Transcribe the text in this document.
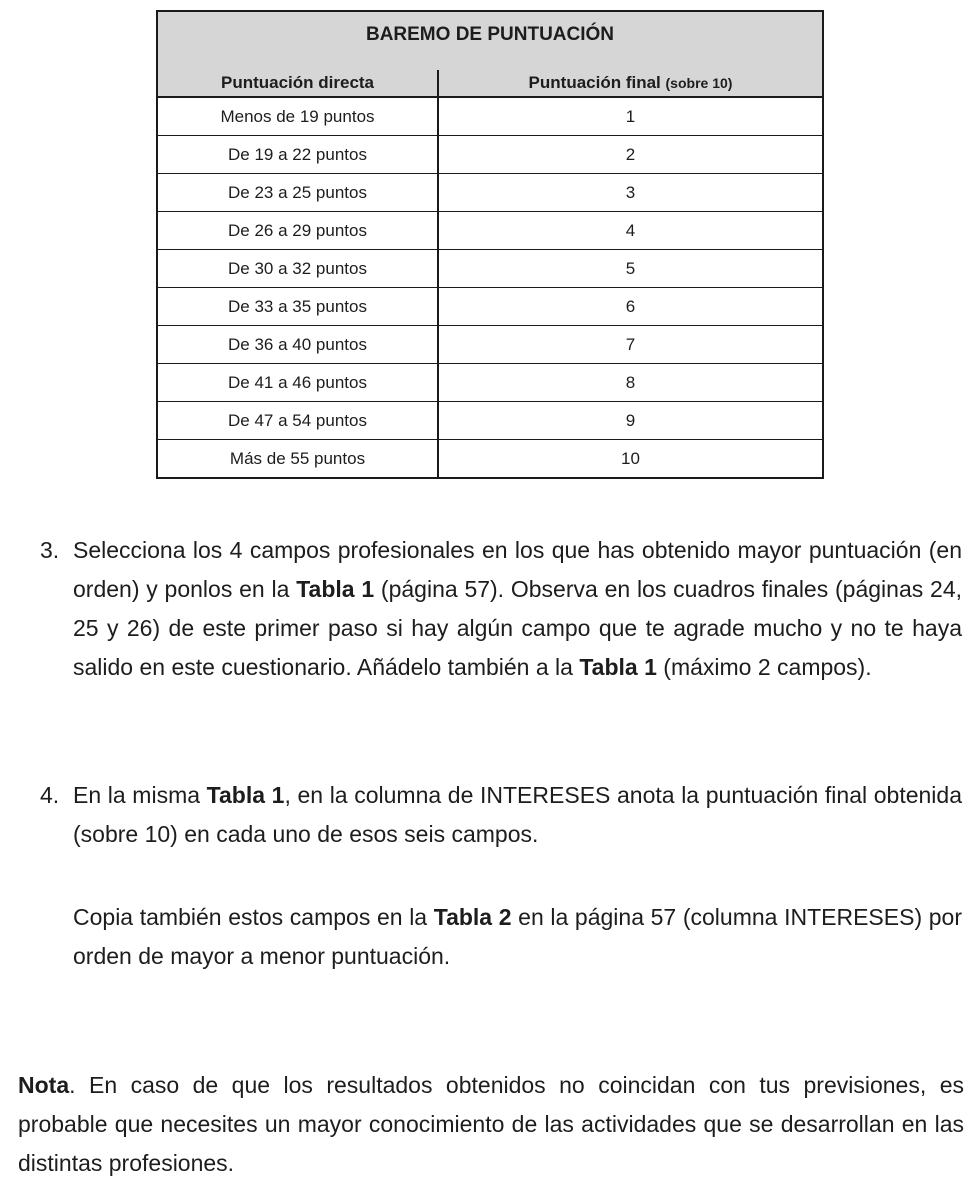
BAREMO DE PUNTUACIÓN	
Puntuación directa	Puntuación final (sobre 10)
Menos de 19 puntos	1
De 19 a 22 puntos	2
De 23 a 25 puntos	3
De 26 a 29 puntos	4
De 30 a 32 puntos	5
De 33 a 35 puntos	6
De 36 a 40 puntos	7
De 41 a 46 puntos	8
De 47 a 54 puntos	9
Más de 55 puntos	10
3. Selecciona los 4 campos profesionales en los que has obtenido mayor puntuación (en orden) y ponlos en la Tabla 1 (página 57). Observa en los cuadros finales (páginas 24, 25 y 26) de este primer paso si hay algún campo que te agrade mucho y no te haya salido en este cuestionario. Añádelo también a la Tabla 1 (máximo 2 campos).
4. En la misma Tabla 1, en la columna de INTERESES anota la puntuación final obtenida (sobre 10) en cada uno de esos seis campos.

Copia también estos campos en la Tabla 2 en la página 57 (columna INTERESES) por orden de mayor a menor puntuación.

Nota. En caso de que los resultados obtenidos no coincidan con tus previsiones, es probable que necesites un mayor conocimiento de las actividades que se desarrollan en las distintas profesiones.
